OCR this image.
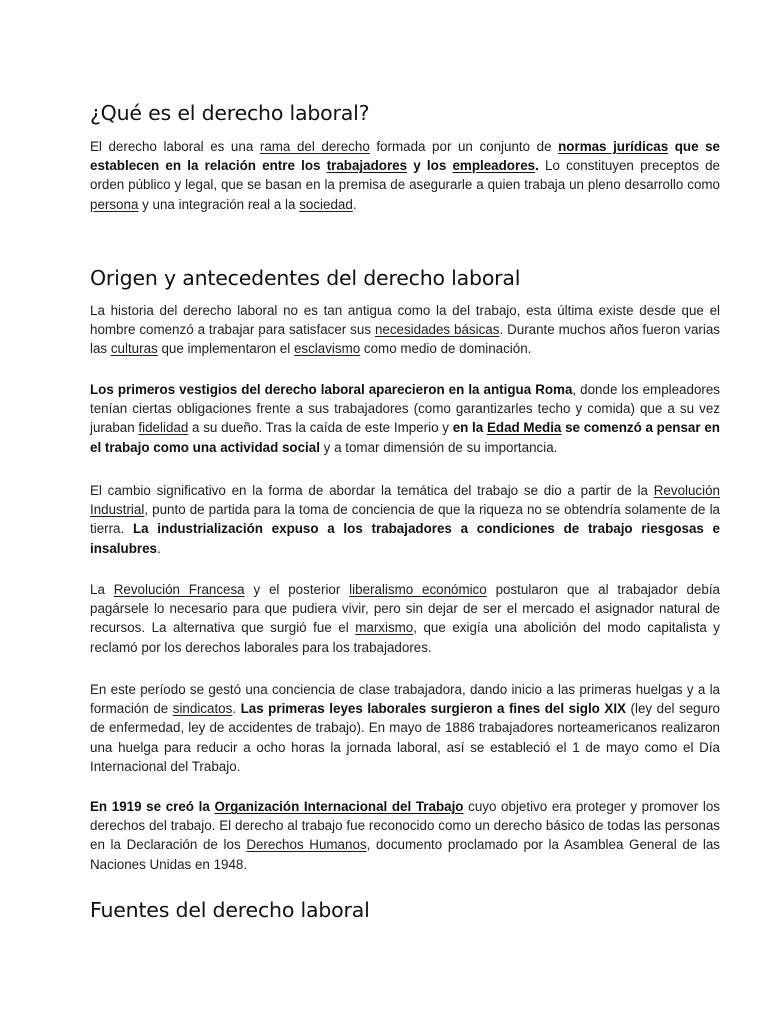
¿Qué es el derecho laboral?

El derecho laboral es una rama del derecho formada por un conjunto de normas jurídicas que se establecen en la relación entre los trabajadores y los empleadores. Lo constituyen preceptos de orden público y legal, que se basan en la premisa de asegurarle a quien trabaja un pleno desarrollo como persona y una integración real a la sociedad.

Origen y antecedentes del derecho laboral

La historia del derecho laboral no es tan antigua como la del trabajo, esta última existe desde que el hombre comenzó a trabajar para satisfacer sus necesidades básicas. Durante muchos años fueron varias las culturas que implementaron el esclavismo como medio de dominación.

Los primeros vestigios del derecho laboral aparecieron en la antigua Roma, donde los empleadores tenían ciertas obligaciones frente a sus trabajadores (como garantizarles techo y comida) que a su vez juraban fidelidad a su dueño. Tras la caída de este Imperio y en la Edad Media se comenzó a pensar en el trabajo como una actividad social y a tomar dimensión de su importancia.

El cambio significativo en la forma de abordar la temática del trabajo se dio a partir de la Revolución Industrial, punto de partida para la toma de conciencia de que la riqueza no se obtendría solamente de la tierra. La industrialización expuso a los trabajadores a condiciones de trabajo riesgosas e insalubres.

La Revolución Francesa y el posterior liberalismo económico postularon que al trabajador debía pagársele lo necesario para que pudiera vivir, pero sin dejar de ser el mercado el asignador natural de recursos. La alternativa que surgió fue el marxismo, que exigía una abolición del modo capitalista y reclamó por los derechos laborales para los trabajadores.

En este período se gestó una conciencia de clase trabajadora, dando inicio a las primeras huelgas y a la formación de sindicatos. Las primeras leyes laborales surgieron a fines del siglo XIX (ley del seguro de enfermedad, ley de accidentes de trabajo). En mayo de 1886 trabajadores norteamericanos realizaron una huelga para reducir a ocho horas la jornada laboral, así se estableció el 1 de mayo como el Día Internacional del Trabajo.

En 1919 se creó la Organización Internacional del Trabajo cuyo objetivo era proteger y promover los derechos del trabajo. El derecho al trabajo fue reconocido como un derecho básico de todas las personas en la Declaración de los Derechos Humanos, documento proclamado por la Asamblea General de las Naciones Unidas en 1948.

Fuentes del derecho laboral
